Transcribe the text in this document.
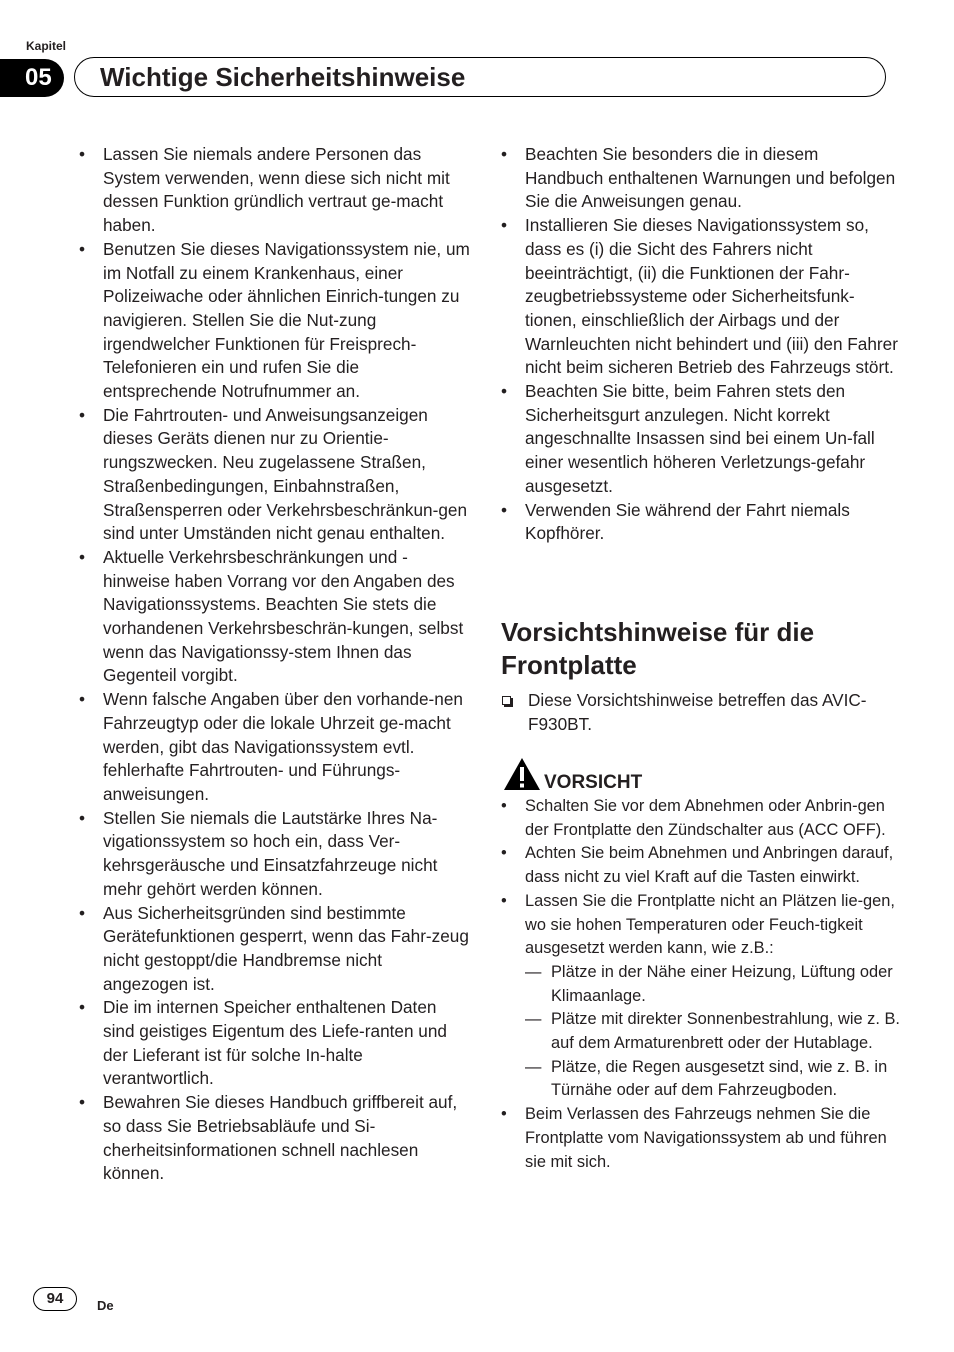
Kapitel
05	Wichtige Sicherheitshinweise
• Lassen Sie niemals andere Personen das System verwenden, wenn diese sich nicht mit dessen Funktion gründlich vertraut ge-macht haben.
• Benutzen Sie dieses Navigationssystem nie, um im Notfall zu einem Krankenhaus, einer Polizeiwache oder ähnlichen Einrich-tungen zu navigieren. Stellen Sie die Nut-zung irgendwelcher Funktionen für Freisprech-Telefonieren ein und rufen Sie die entsprechende Notrufnummer an.
• Die Fahrtrouten- und Anweisungsanzeigen dieses Geräts dienen nur zu Orientie-rungszwecken. Neu zugelassene Straßen, Straßenbedingungen, Einbahnstraßen, Straßensperren oder Verkehrsbeschränkun-gen sind unter Umständen nicht genau enthalten.
• Aktuelle Verkehrsbeschränkungen und -hinweise haben Vorrang vor den Angaben des Navigationssystems. Beachten Sie stets die vorhandenen Verkehrsbeschrän-kungen, selbst wenn das Navigationssy-stem Ihnen das Gegenteil vorgibt.
• Wenn falsche Angaben über den vorhande-nen Fahrzeugtyp oder die lokale Uhrzeit ge-macht werden, gibt das Navigationssystem evtl. fehlerhafte Fahrtrouten- und Führungs-anweisungen.
• Stellen Sie niemals die Lautstärke Ihres Na-vigationssystem so hoch ein, dass Ver-kehrsgeräusche und Einsatzfahrzeuge nicht mehr gehört werden können.
• Aus Sicherheitsgründen sind bestimmte Gerätefunktionen gesperrt, wenn das Fahr-zeug nicht gestoppt/die Handbremse nicht angezogen ist.
• Die im internen Speicher enthaltenen Daten sind geistiges Eigentum des Liefe-ranten und der Lieferant ist für solche In-halte verantwortlich.
• Bewahren Sie dieses Handbuch griffbereit auf, so dass Sie Betriebsabläufe und Si-cherheitsinformationen schnell nachlesen können.
• Beachten Sie besonders die in diesem Handbuch enthaltenen Warnungen und befolgen Sie die Anweisungen genau.
• Installieren Sie dieses Navigationssystem so, dass es (i) die Sicht des Fahrers nicht beeinträchtigt, (ii) die Funktionen der Fahr-zeugbetriebssysteme oder Sicherheitsfunk-tionen, einschließlich der Airbags und der Warnleuchten nicht behindert und (iii) den Fahrer nicht beim sicheren Betrieb des Fahrzeugs stört.
• Beachten Sie bitte, beim Fahren stets den Sicherheitsgurt anzulegen. Nicht korrekt angeschnallte Insassen sind bei einem Un-fall einer wesentlich höheren Verletzungs-gefahr ausgesetzt.
• Verwenden Sie während der Fahrt niemals Kopfhörer.
Vorsichtshinweise für die Frontplatte
Diese Vorsichtshinweise betreffen das AVIC-F930BT.
VORSICHT
• Schalten Sie vor dem Abnehmen oder Anbrin-gen der Frontplatte den Zündschalter aus (ACC OFF).
• Achten Sie beim Abnehmen und Anbringen darauf, dass nicht zu viel Kraft auf die Tasten einwirkt.
• Lassen Sie die Frontplatte nicht an Plätzen lie-gen, wo sie hohen Temperaturen oder Feuch-tigkeit ausgesetzt werden kann, wie z.B.:
— Plätze in der Nähe einer Heizung, Lüftung oder Klimaanlage.
— Plätze mit direkter Sonnenbestrahlung, wie z. B. auf dem Armaturenbrett oder der Hutablage.
— Plätze, die Regen ausgesetzt sind, wie z. B. in Türnähe oder auf dem Fahrzeugboden.
• Beim Verlassen des Fahrzeugs nehmen Sie die Frontplatte vom Navigationssystem ab und führen sie mit sich.
94	De
